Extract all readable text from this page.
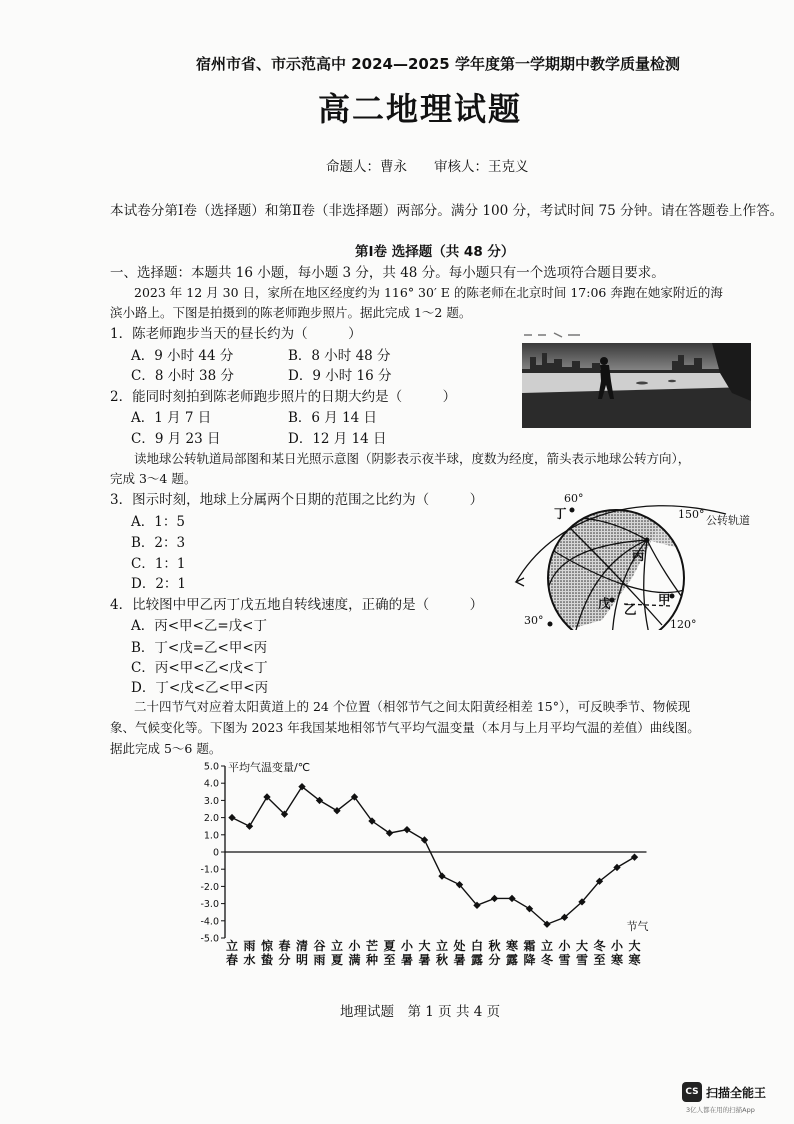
宿州市省、市示范高中 2024—2025 学年度第一学期期中教学质量检测
高二地理试题
命题人：曹永　　审核人：王克义
本试卷分第Ⅰ卷（选择题）和第Ⅱ卷（非选择题）两部分。满分 100 分，考试时间 75 分钟。请在答题卷上作答。
第Ⅰ卷 选择题（共 48 分）
一、选择题：本题共 16 小题，每小题 3 分，共 48 分。每小题只有一个选项符合题目要求。
2023 年 12 月 30 日，家所在地区经度约为 116° 30′ E 的陈老师在北京时间 17:06 奔跑在她家附近的海
滨小路上。下图是拍摄到的陈老师跑步照片。据此完成 1～2 题。
1．陈老师跑步当天的昼长约为（　　　）
A．9 小时 44 分	B．8 小时 48 分
C．8 小时 38 分	D．9 小时 16 分
2．能同时刻拍到陈老师跑步照片的日期大约是（　　　）
A．1 月 7 日	B．6 月 14 日
C．9 月 23 日	D．12 月 14 日
读地球公转轨道局部图和某日光照示意图（阴影表示夜半球，度数为经度，箭头表示地球公转方向），
完成 3～4 题。
3．图示时刻，地球上分属两个日期的范围之比约为（　　　）
A．1：5
B．2：3
C．1：1
D．2：1
4．比较图中甲乙丙丁戊五地自转线速度，正确的是（　　　）
A．丙<甲<乙=戊<丁
B．丁<戊=乙<甲<丙
C．丙<甲<乙<戊<丁
D．丁<戊<乙<甲<丙
60°
150° 公转轨道
30°	120°
丁
丙
戊 乙
甲
二十四节气对应着太阳黄道上的 24 个位置（相邻节气之间太阳黄经相差 15°），可反映季节、物候现
象、气候变化等。下图为 2023 年我国某地相邻节气平均气温变量（本月与上月平均气温的差值）曲线图。
据此完成 5～6 题。
5.0
4.0
3.0
2.0
1.0
0
-1.0
-2.0
-3.0
-4.0
-5.0
平均气温变量/℃
节气
立春
雨水
惊蛰
春分
清明
谷雨
立夏
小满
芒种
夏至
小暑
大暑
立秋
处暑
白露
秋分
寒露
霜降
立冬
小雪
大雪
冬至
小寒
大寒
地理试题　第 1 页 共 4 页
CS 扫描全能王
3亿人都在用的扫描App
